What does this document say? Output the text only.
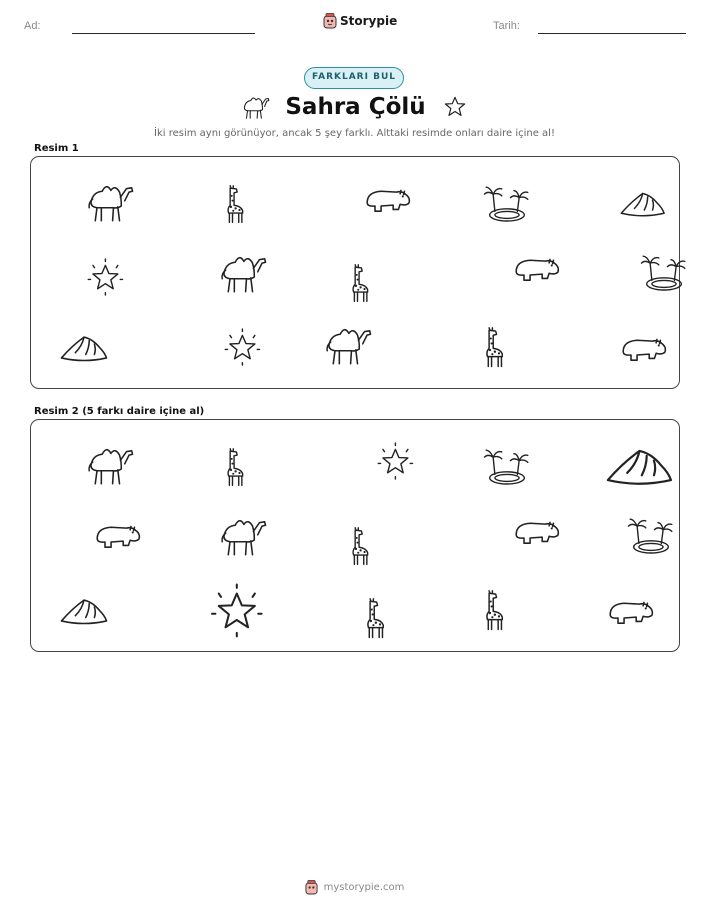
Ad:	Storypie	Tarih:
FARKLARI BUL
Sahra Çölü
İki resim aynı görünüyor, ancak 5 şey farklı. Alttaki resimde onları daire içine al!
Resim 1
Resim 2 (5 farkı daire içine al)
mystorypie.com
